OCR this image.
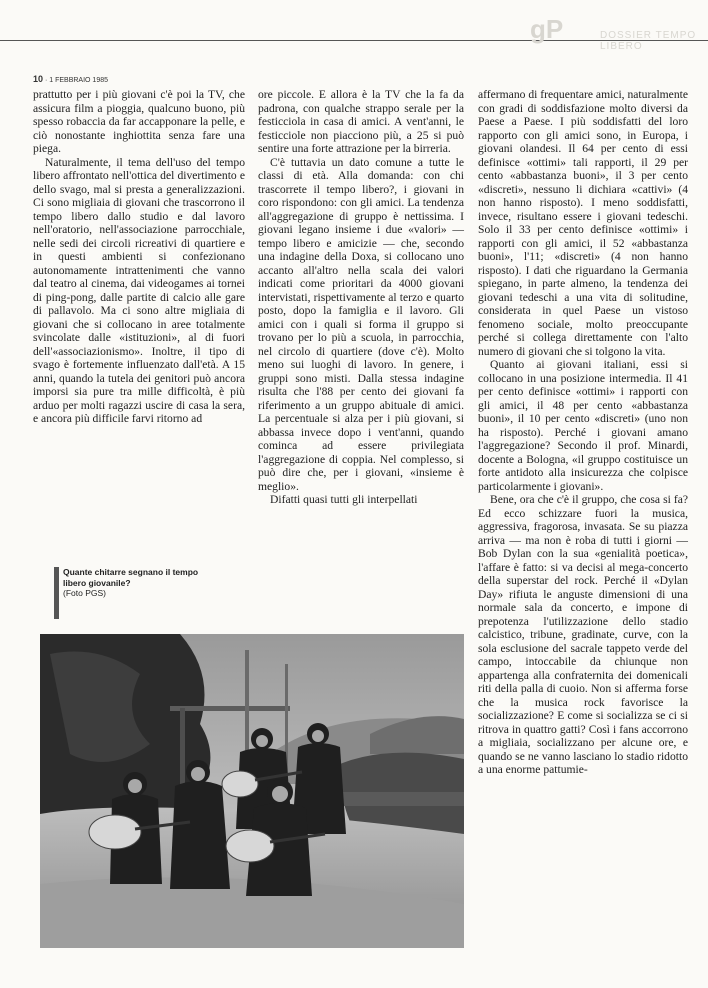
gP	DOSSIER TEMPO LIBERO
10 · 1 FEBBRAIO 1985

prattutto per i più giovani c'è poi la TV, che assicura film a pioggia, qualcuno buono, più spesso robaccia da far accapponare la pelle, e ciò nonostante inghiottita senza fare una piega.

Naturalmente, il tema dell'uso del tempo libero affrontato nell'ottica del divertimento e dello svago, mal si presta a generalizzazioni. Ci sono migliaia di giovani che trascorrono il tempo libero dallo studio e dal lavoro nell'oratorio, nell'associazione parrocchiale, nelle sedi dei circoli ricreativi di quartiere e in questi ambienti si confezionano autonomamente intrattenimenti che vanno dal teatro al cinema, dai videogames ai tornei di ping-pong, dalle partite di calcio alle gare di pallavolo. Ma ci sono altre migliaia di giovani che si collocano in aree totalmente svincolate dalle «istituzioni», al di fuori dell'«associazionismo». Inoltre, il tipo di svago è fortemente influenzato dall'età. A 15 anni, quando la tutela dei genitori può ancora imporsi sia pure tra mille difficoltà, è più arduo per molti ragazzi uscire di casa la sera, e ancora più difficile farvi ritorno ad

ore piccole. E allora è la TV che la fa da padrona, con qualche strappo serale per la festicciola in casa di amici. A vent'anni, le festicciole non piacciono più, a 25 si può sentire una forte attrazione per la birreria.

C'è tuttavia un dato comune a tutte le classi di età. Alla domanda: con chi trascorrete il tempo libero?, i giovani in coro rispondono: con gli amici. La tendenza all'aggregazione di gruppo è nettissima. I giovani legano insieme i due «valori» — tempo libero e amicizie — che, secondo una indagine della Doxa, si collocano uno accanto all'altro nella scala dei valori indicati come prioritari da 4000 giovani intervistati, rispettivamente al terzo e quarto posto, dopo la famiglia e il lavoro. Gli amici con i quali si forma il gruppo si trovano per lo più a scuola, in parrocchia, nel circolo di quartiere (dove c'è). Molto meno sui luoghi di lavoro. In genere, i gruppi sono misti. Dalla stessa indagine risulta che l'88 per cento dei giovani fa riferimento a un gruppo abituale di amici. La percentuale si alza per i più giovani, si abbassa invece dopo i vent'anni, quando cominca ad essere privilegiata l'aggregazione di coppia. Nel complesso, si può dire che, per i giovani, «insieme è meglio».

Difatti quasi tutti gli interpellati

affermano di frequentare amici, naturalmente con gradi di soddisfazione molto diversi da Paese a Paese. I più soddisfatti del loro rapporto con gli amici sono, in Europa, i giovani olandesi. Il 64 per cento di essi definisce «ottimi» tali rapporti, il 29 per cento «abbastanza buoni», il 3 per cento «discreti», nessuno li dichiara «cattivi» (4 non hanno risposto). I meno soddisfatti, invece, risultano essere i giovani tedeschi. Solo il 33 per cento definisce «ottimi» i rapporti con gli amici, il 52 «abbastanza buoni», l'11; «discreti» (4 non hanno risposto). I dati che riguardano la Germania spiegano, in parte almeno, la tendenza dei giovani tedeschi a una vita di solitudine, considerata in quel Paese un vistoso fenomeno sociale, molto preoccupante perché si collega direttamente con l'alto numero di giovani che si tolgono la vita.

Quanto ai giovani italiani, essi si collocano in una posizione intermedia. Il 41 per cento definisce «ottimi» i rapporti con gli amici, il 48 per cento «abbastanza buoni», il 10 per cento «discreti» (uno non ha risposto). Perché i giovani amano l'aggregazione? Secondo il prof. Minardi, docente a Bologna, «il gruppo costituisce un forte antidoto alla insicurezza che colpisce particolarmente i giovani».

Bene, ora che c'è il gruppo, che cosa si fa? Ed ecco schizzare fuori la musica, aggressiva, fragorosa, invasata. Se su piazza arriva — ma non è roba di tutti i giorni — Bob Dylan con la sua «genialità poetica», l'affare è fatto: si va decisi al mega-concerto della superstar del rock. Perché il «Dylan Day» rifiuta le anguste dimensioni di una normale sala da concerto, e impone di prepotenza l'utilizzazione dello stadio calcistico, tribune, gradinate, curve, con la sola esclusione del sacrale tappeto verde del campo, intoccabile da chiunque non appartenga alla confraternita dei domenicali riti della palla di cuoio. Non si afferma forse che la musica rock favorisce la socializzazione? E come si socializza se ci si ritrova in quattro gatti? Così i fans accorrono a migliaia, socializzano per alcune ore, e quando se ne vanno lasciano lo stadio ridotto a una enorme pattumie-

Quante chitarre segnano il tempo libero giovanile?
(Foto PGS)
